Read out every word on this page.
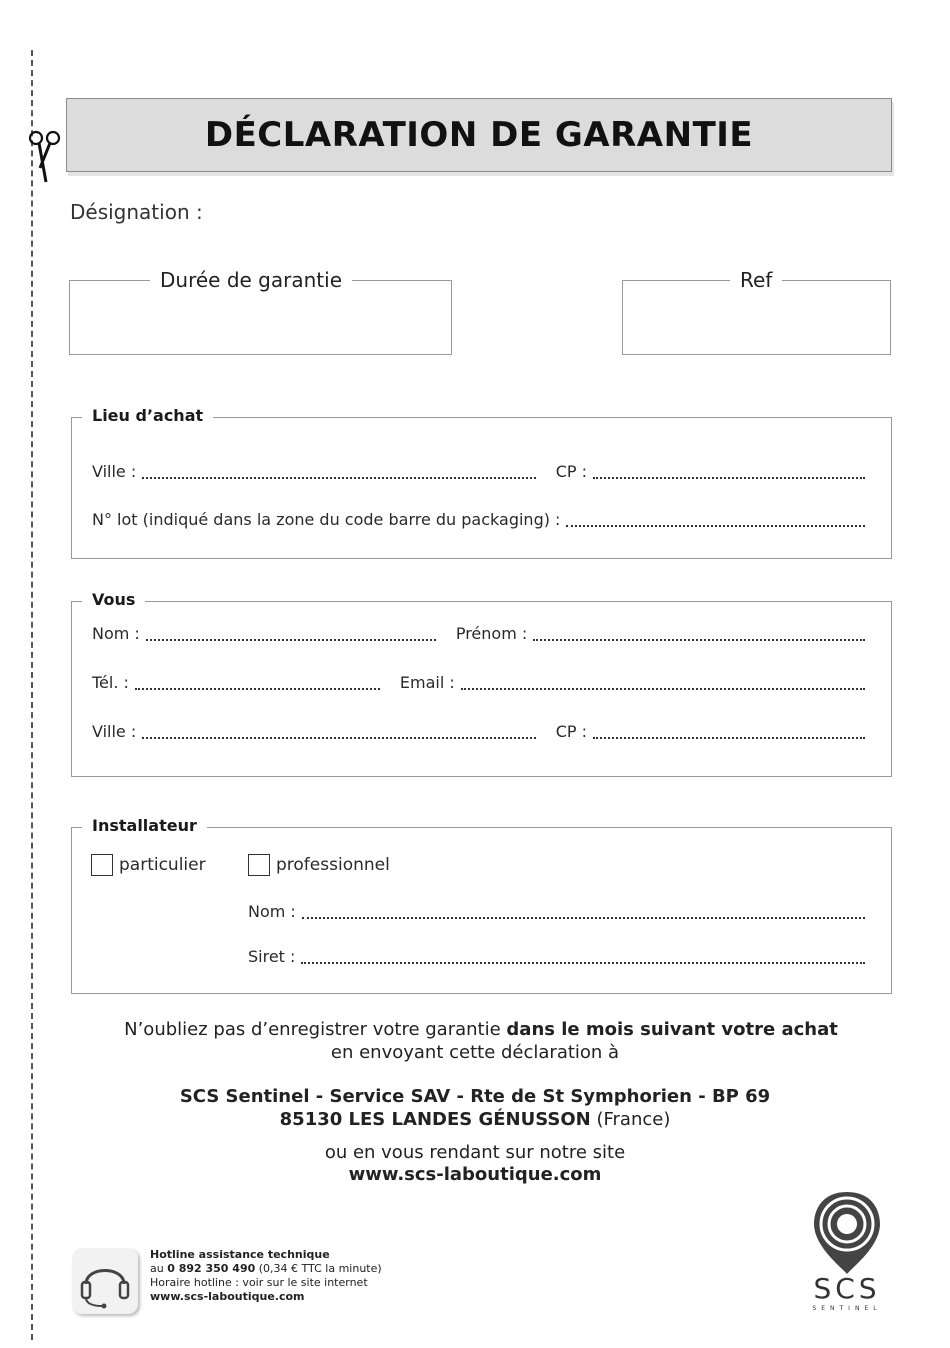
DÉCLARATION DE GARANTIE
Désignation :
Durée de garantie	Ref
Lieu d’achat
Ville :	CP :
N° lot (indiqué dans la zone du code barre du packaging) :
Vous
Nom :	Prénom :
Tél. :	Email :
Ville :	CP :
Installateur
particulier	professionnel
Nom :
Siret :
N’oubliez pas d’enregistrer votre garantie dans le mois suivant votre achat
en envoyant cette déclaration à
SCS Sentinel - Service SAV - Rte de St Symphorien - BP 69
85130 LES LANDES GÉNUSSON (France)
ou en vous rendant sur notre site
www.scs-laboutique.com
Hotline assistance technique
au 0 892 350 490 (0,34 € TTC la minute)
Horaire hotline : voir sur le site internet
www.scs-laboutique.com	SCS
SENTINEL
